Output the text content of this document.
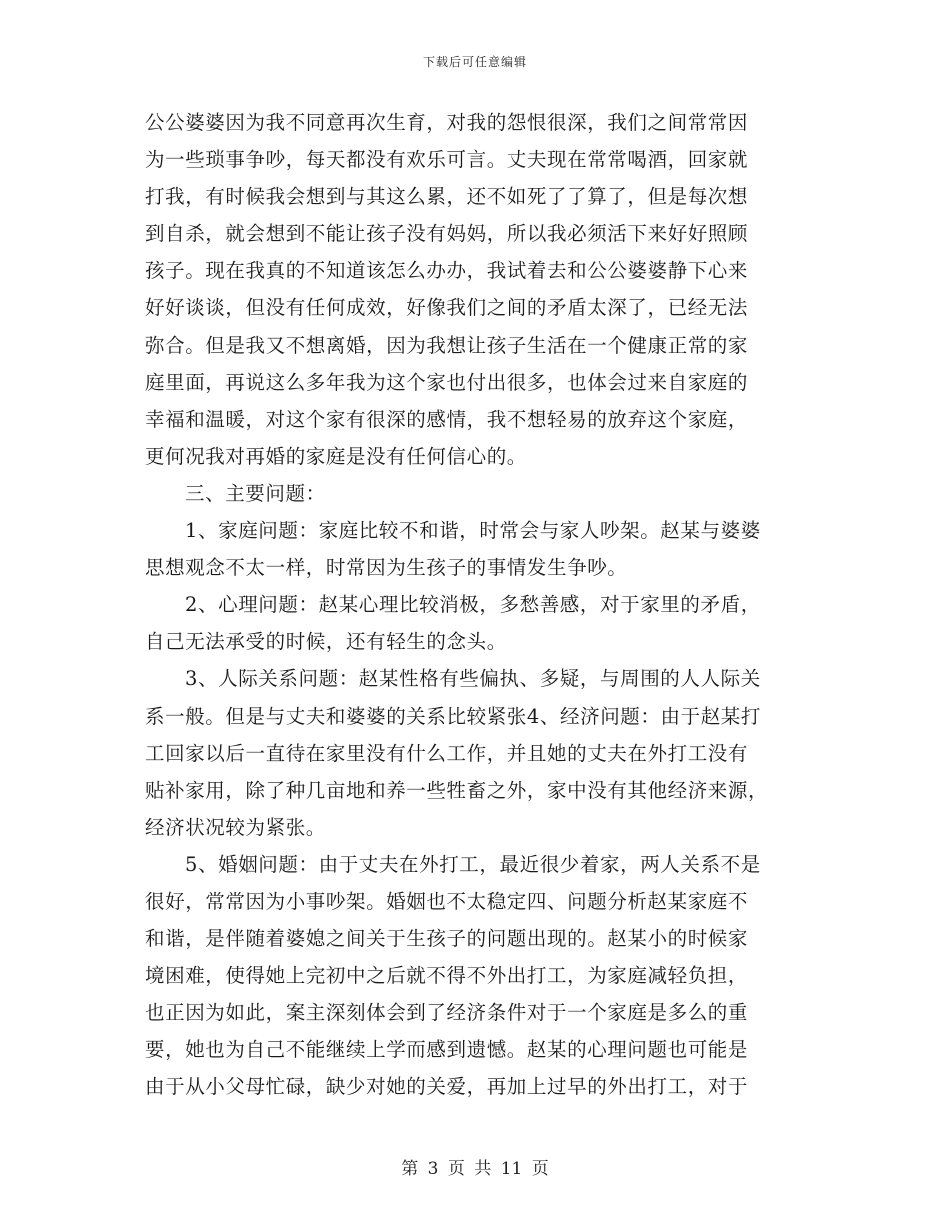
下载后可任意编辑
公公婆婆因为我不同意再次生育，对我的怨恨很深，我们之间常常因
为一些琐事争吵，每天都没有欢乐可言。丈夫现在常常喝酒，回家就
打我，有时候我会想到与其这么累，还不如死了了算了，但是每次想
到自杀，就会想到不能让孩子没有妈妈，所以我必须活下来好好照顾
孩子。现在我真的不知道该怎么办办，我试着去和公公婆婆静下心来
好好谈谈，但没有任何成效，好像我们之间的矛盾太深了，已经无法
弥合。但是我又不想离婚，因为我想让孩子生活在一个健康正常的家
庭里面，再说这么多年我为这个家也付出很多，也体会过来自家庭的
幸福和温暖，对这个家有很深的感情，我不想轻易的放弃这个家庭，
更何况我对再婚的家庭是没有任何信心的。
三、主要问题：
1、家庭问题：家庭比较不和谐，时常会与家人吵架。赵某与婆婆
思想观念不太一样，时常因为生孩子的事情发生争吵。
2、心理问题：赵某心理比较消极，多愁善感，对于家里的矛盾，
自己无法承受的时候，还有轻生的念头。
3、人际关系问题：赵某性格有些偏执、多疑，与周围的人人际关
系一般。但是与丈夫和婆婆的关系比较紧张4、经济问题：由于赵某打
工回家以后一直待在家里没有什么工作，并且她的丈夫在外打工没有
贴补家用，除了种几亩地和养一些牲畜之外，家中没有其他经济来源，
经济状况较为紧张。
5、婚姻问题：由于丈夫在外打工，最近很少着家，两人关系不是
很好，常常因为小事吵架。婚姻也不太稳定四、问题分析赵某家庭不
和谐，是伴随着婆媳之间关于生孩子的问题出现的。赵某小的时候家
境困难，使得她上完初中之后就不得不外出打工，为家庭减轻负担，
也正因为如此，案主深刻体会到了经济条件对于一个家庭是多么的重
要，她也为自己不能继续上学而感到遗憾。赵某的心理问题也可能是
由于从小父母忙碌，缺少对她的关爱，再加上过早的外出打工，对于
第 3 页 共 11 页
